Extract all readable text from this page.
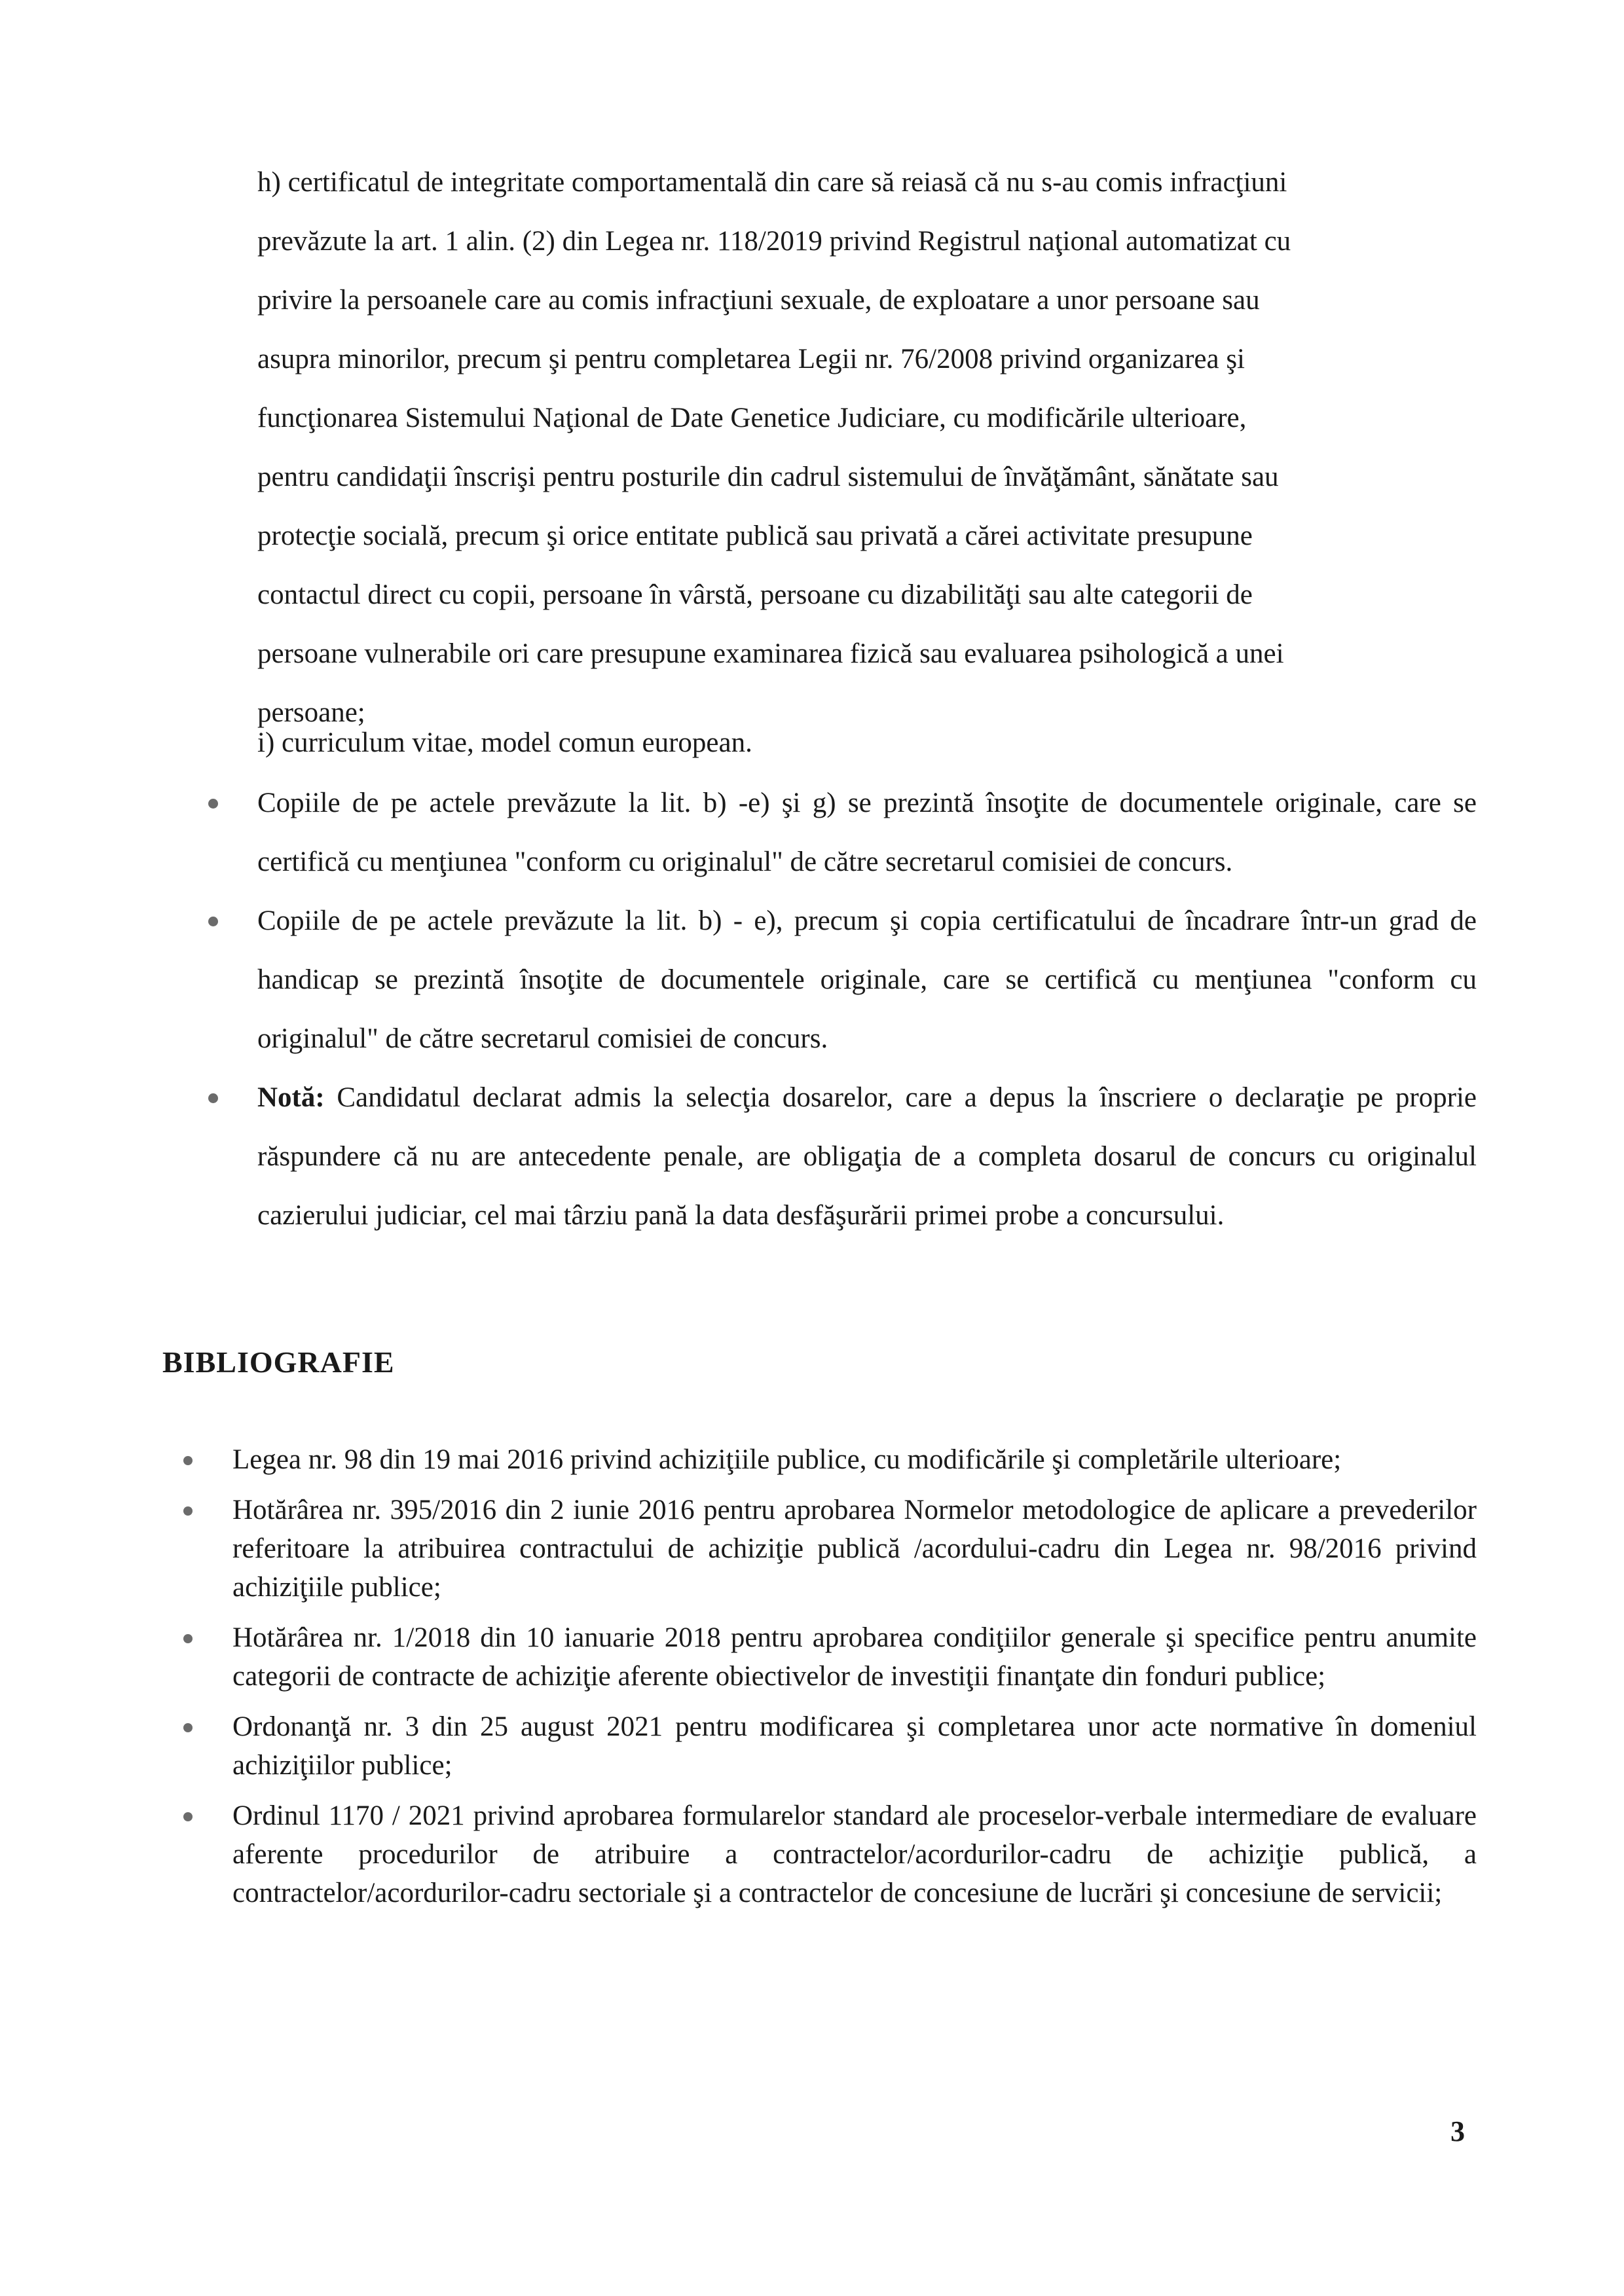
h) certificatul de integritate comportamentală din care să reiasă că nu s-au comis infracţiuni
prevăzute la art. 1 alin. (2) din Legea nr. 118/2019 privind Registrul naţional automatizat cu
privire la persoanele care au comis infracţiuni sexuale, de exploatare a unor persoane sau
asupra minorilor, precum şi pentru completarea Legii nr. 76/2008 privind organizarea şi
funcţionarea Sistemului Naţional de Date Genetice Judiciare, cu modificările ulterioare,
pentru candidaţii înscrişi pentru posturile din cadrul sistemului de învăţământ, sănătate sau
protecţie socială, precum şi orice entitate publică sau privată a cărei activitate presupune
contactul direct cu copii, persoane în vârstă, persoane cu dizabilităţi sau alte categorii de
persoane vulnerabile ori care presupune examinarea fizică sau evaluarea psihologică a unei
persoane;
i) curriculum vitae, model comun european.
Copiile de pe actele prevăzute la lit. b) -e) şi g) se prezintă însoţite de documentele originale, care se certifică cu menţiunea "conform cu originalul" de către secretarul comisiei de concurs.
Copiile de pe actele prevăzute la lit. b) - e), precum şi copia certificatului de încadrare într-un grad de handicap se prezintă însoţite de documentele originale, care se certifică cu menţiunea "conform cu originalul" de către secretarul comisiei de concurs.
Notă: Candidatul declarat admis la selecţia dosarelor, care a depus la înscriere o declaraţie pe proprie răspundere că nu are antecedente penale, are obligaţia de a completa dosarul de concurs cu originalul cazierului judiciar, cel mai târziu pană la data desfăşurării primei probe a concursului.
BIBLIOGRAFIE
Legea nr. 98 din 19 mai 2016 privind achiziţiile publice, cu modificările şi completările ulterioare;
Hotărârea nr. 395/2016 din 2 iunie 2016 pentru aprobarea Normelor metodologice de aplicare a prevederilor referitoare la atribuirea contractului de achiziţie publică /acordului-cadru din Legea nr. 98/2016 privind achiziţiile publice;
Hotărârea nr. 1/2018 din 10 ianuarie 2018 pentru aprobarea condiţiilor generale şi specifice pentru anumite categorii de contracte de achiziţie aferente obiectivelor de investiţii finanţate din fonduri publice;
Ordonanţă nr. 3 din 25 august 2021 pentru modificarea şi completarea unor acte normative în domeniul achiziţiilor publice;
Ordinul 1170 / 2021 privind aprobarea formularelor standard ale proceselor-verbale intermediare de evaluare aferente procedurilor de atribuire a contractelor/acordurilor-cadru de achiziţie publică, a contractelor/acordurilor-cadru sectoriale şi a contractelor de concesiune de lucrări şi concesiune de servicii;
3
